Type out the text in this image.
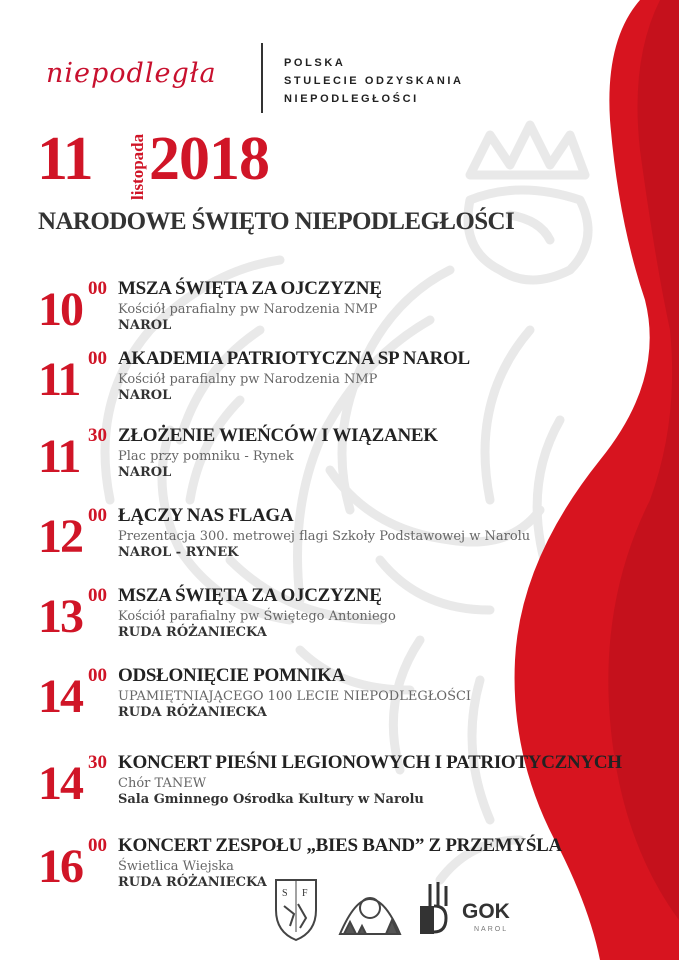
niepodległa	POLSKA
STULECIE ODZYSKANIA
NIEPODLEGŁOŚCI
11 listopada 2018
NARODOWE ŚWIĘTO NIEPODLEGŁOŚCI
10 00 MSZA ŚWIĘTA ZA OJCZYZNĘ
Kościół parafialny pw Narodzenia NMP
NAROL
11 00 AKADEMIA PATRIOTYCZNA SP NAROL
Kościół parafialny pw Narodzenia NMP
NAROL
11 30 ZŁOŻENIE WIEŃCÓW I WIĄZANEK
Plac przy pomniku - Rynek
NAROL
12 00 ŁĄCZY NAS FLAGA
Prezentacja 300. metrowej flagi Szkoły Podstawowej w Narolu
NAROL - RYNEK
13 00 MSZA ŚWIĘTA ZA OJCZYZNĘ
Kościół parafialny pw Świętego Antoniego
RUDA RÓŻANIECKA
14 00 ODSŁONIĘCIE POMNIKA
UPAMIĘTNIAJĄCEGO 100 LECIE NIEPODLEGŁOŚCI
RUDA RÓŻANIECKA
14 30 KONCERT PIEŚNI LEGIONOWYCH I PATRIOTYCZNYCH
Chór TANEW
Sala Gminnego Ośrodka Kultury w Narolu
16 00 KONCERT ZESPOŁU „BIES BAND” Z PRZEMYŚLA
Świetlica Wiejska
RUDA RÓŻANIECKA
S F
GOK
NAROL
